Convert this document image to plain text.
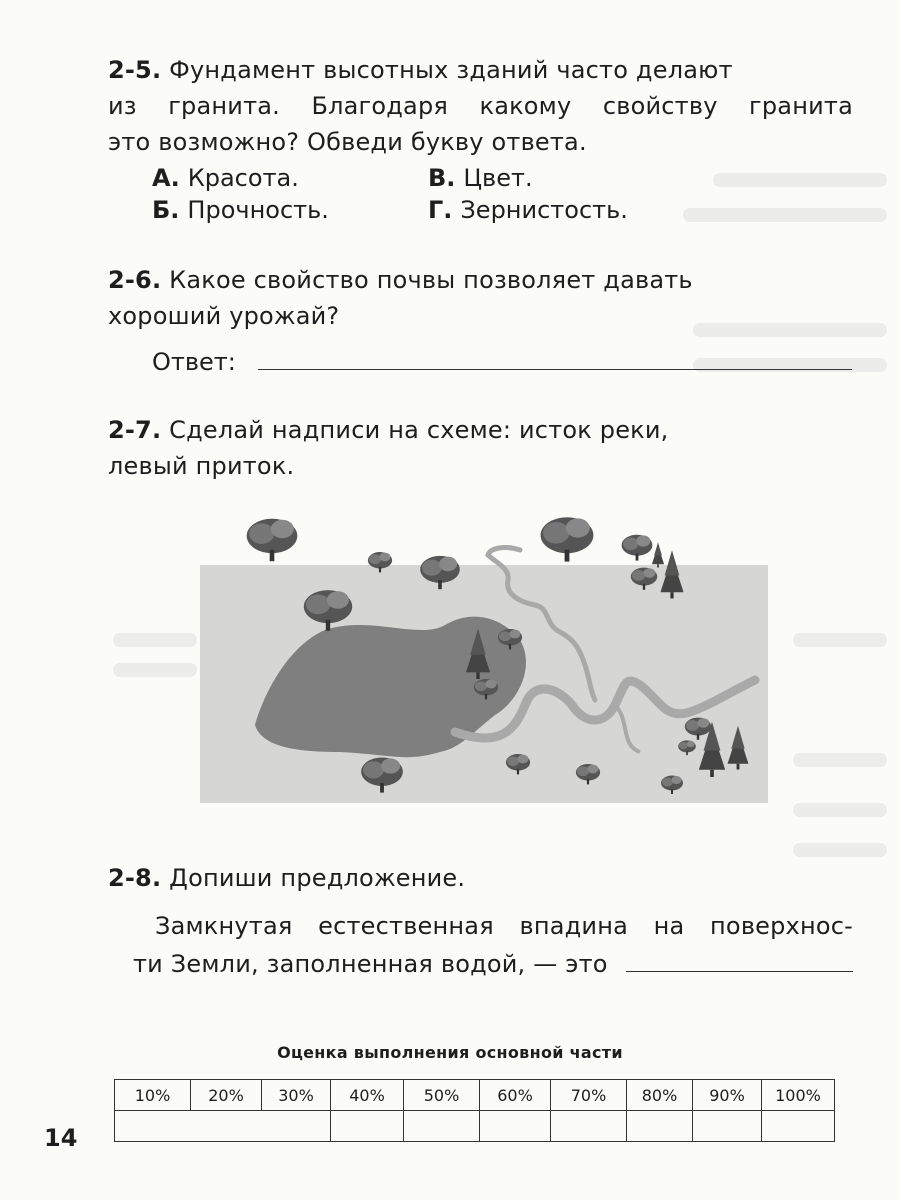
2-5.
Фундамент высотных зданий часто делают
из гранита. Благодаря какому свойству гранита
это возможно? Обведи букву ответа.
А. Красота.	В. Цвет.
Б. Прочность.	Г. Зернистость.
2-6.
Какое свойство почвы позволяет давать
хороший урожай?
Ответ:
2-7.
Сделай надписи на схеме: исток реки,
левый приток.
2-8.
Допиши предложение.
Замкнутая естественная впадина на поверхнос-
ти Земли, заполненная водой, — это
Оценка выполнения основной части
10%	20%	30%	40%	50%	60%	70%	80%	90%	100%

14
